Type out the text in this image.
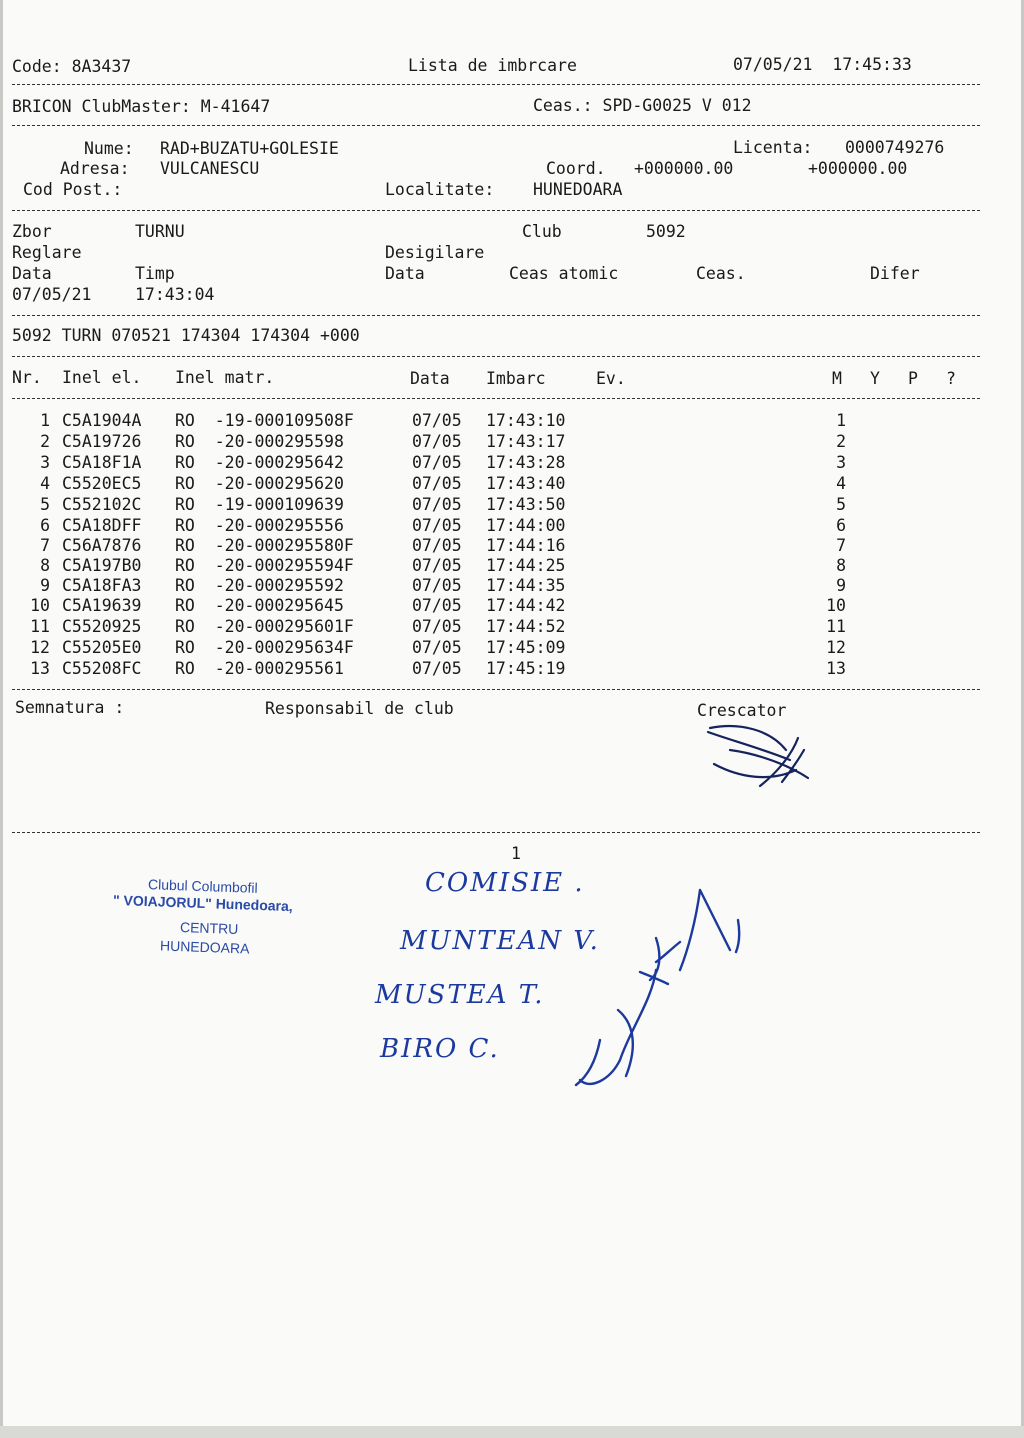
Code: 8A3437	Lista de imbrcare	07/05/21  17:45:33
BRICON ClubMaster: M-41647	Ceas.: SPD-G0025 V 012
Nume: RAD+BUZATU+GOLESIE	Licenta: 0000749276
Adresa: VULCANESCU	Coord. +000000.00	+000000.00
Cod Post.:	Localitate: HUNEDOARA
Zbor	TURNU	Club	5092
Reglare	Desigilare
Data	Timp	Data	Ceas atomic	Ceas.	Difer
07/05/21	17:43:04
5092 TURN 070521 174304 174304 +000
Nr. Inel el. Inel matr.	Data Imbarc	Ev.	M Y P ?
1 C5A1904A RO  -19-000109508F	07/05 17:43:10	1
2 C5A19726 RO  -20-000295598	07/05 17:43:17	2
3 C5A18F1A RO  -20-000295642	07/05 17:43:28	3
4 C5520EC5 RO  -20-000295620	07/05 17:43:40	4
5 C552102C RO  -19-000109639	07/05 17:43:50	5
6 C5A18DFF RO  -20-000295556	07/05 17:44:00	6
7 C56A7876 RO  -20-000295580F	07/05 17:44:16	7
8 C5A197B0 RO  -20-000295594F	07/05 17:44:25	8
9 C5A18FA3 RO  -20-000295592	07/05 17:44:35	9
10 C5A19639 RO  -20-000295645	07/05 17:44:42	10
11 C5520925 RO  -20-000295601F	07/05 17:44:52	11
12 C55205E0 RO  -20-000295634F	07/05 17:45:09	12
13 C55208FC RO  -20-000295561	07/05 17:45:19	13
Semnatura :	Responsabil de club	Crescator
1
Clubul Columbofil
" VOIAJORUL" Hunedoara,
CENTRU
HUNEDOARA
COMISIE .
MUNTEAN V.
MUSTEA T.
BIRO C.
